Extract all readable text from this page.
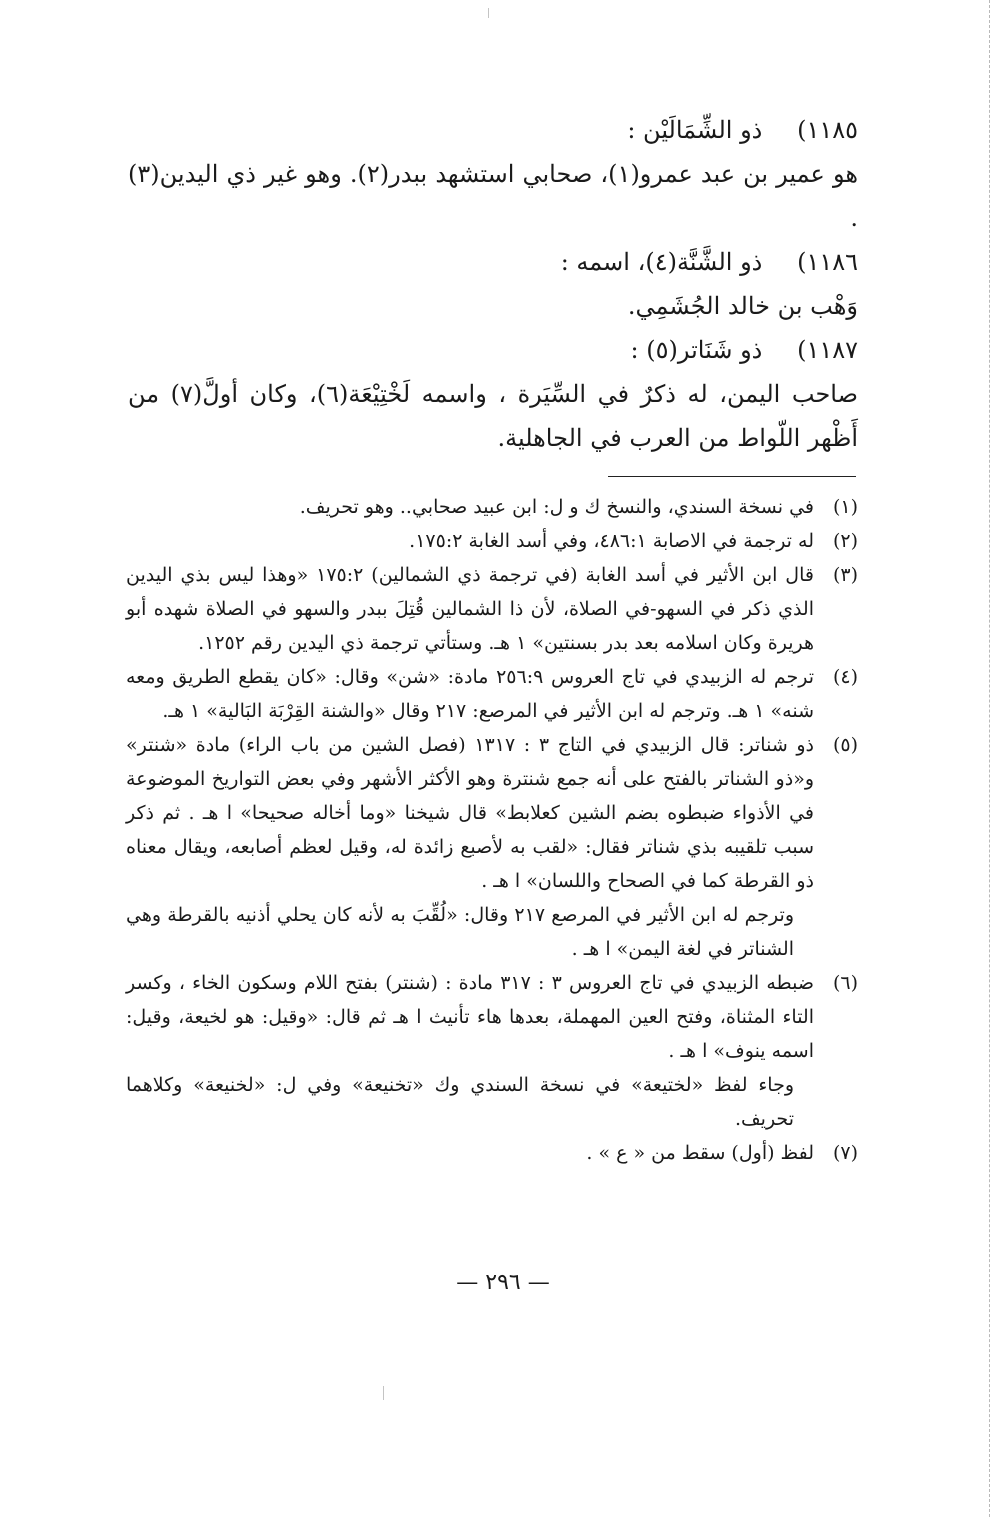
١١٨٥) ذو الشِّمَالَيْن :

هو عمير بن عبد عمرو(١)، صحابي استشهد ببدر(٢). وهو غير ذي اليدين(٣) .

١١٨٦) ذو الشَّنَّة(٤)، اسمه :

وَهْب بن خالد الجُشَمِي.

١١٨٧) ذو شَنَاتر(٥) :

صاحب اليمن، له ذكرٌ في السِّيَرة ، واسمه لَخْتِيْعَة(٦)، وكان أولَّ(٧) من أَظْهر اللّواط من العرب في الجاهلية.

(١)
في نسخة السندي، والنسخ ك و ل: ابن عبيد صحابي.. وهو تحريف.

(٢)
له ترجمة في الاصابة ٤٨٦:١، وفي أسد الغابة ١٧٥:٢.

(٣)
قال ابن الأثير في أسد الغابة (في ترجمة ذي الشمالين) ١٧٥:٢ «وهذا ليس بذي اليدين الذي ذكر في السهو-في الصلاة، لأن ذا الشمالين قُتِلَ ببدر والسهو في الصلاة شهده أبو هريرة وكان اسلامه بعد بدر بسنتين» ١ هـ. وستأتي ترجمة ذي اليدين رقم ١٢٥٢.

(٤)
ترجم له الزبيدي في تاج العروس ٢٥٦:٩ مادة: «شن» وقال: «كان يقطع الطريق ومعه شنه» ١ هـ. وترجم له ابن الأثير في المرصع: ٢١٧ وقال «والشنة القِرْبَة البَالية» ١ هـ.

(٥)
ذو شناتر: قال الزبيدي في التاج ٣ : ١٣١٧ (فصل الشين من باب الراء) مادة «شنتر» و«ذو الشناتر بالفتح على أنه جمع شنترة وهو الأكثر الأشهر وفي بعض التواريخ الموضوعة في الأذواء ضبطوه بضم الشين كعلابط» قال شيخنا «وما أخاله صحيحا» ا هـ . ثم ذكر سبب تلقيبه بذي شناتر فقال: «لقب به لأصبع زائدة له، وقيل لعظم أصابعه، ويقال معناه ذو القرطة كما في الصحاح واللسان» ا هـ .
وترجم له ابن الأثير في المرصع ٢١٧ وقال: «لُقِّبَ به لأنه كان يحلي أذنيه بالقرطة وهي الشناتر في لغة اليمن» ا هـ .

(٦)
ضبطه الزبيدي في تاج العروس ٣ : ٣١٧ مادة : (شنتر) بفتح اللام وسكون الخاء ، وكسر التاء المثناة، وفتح العين المهملة، بعدها هاء تأنيث ا هـ ثم قال: «وقيل: هو لخيعة، وقيل: اسمه ينوف» ا هـ .
وجاء لفظ «لختيعة» في نسخة السندي وك «تخنيعة» وفي ل: «لخنيعة» وكلاهما تحريف.

(٧)
لفظ (أول) سقط من « ع » .

— ٢٩٦ —
